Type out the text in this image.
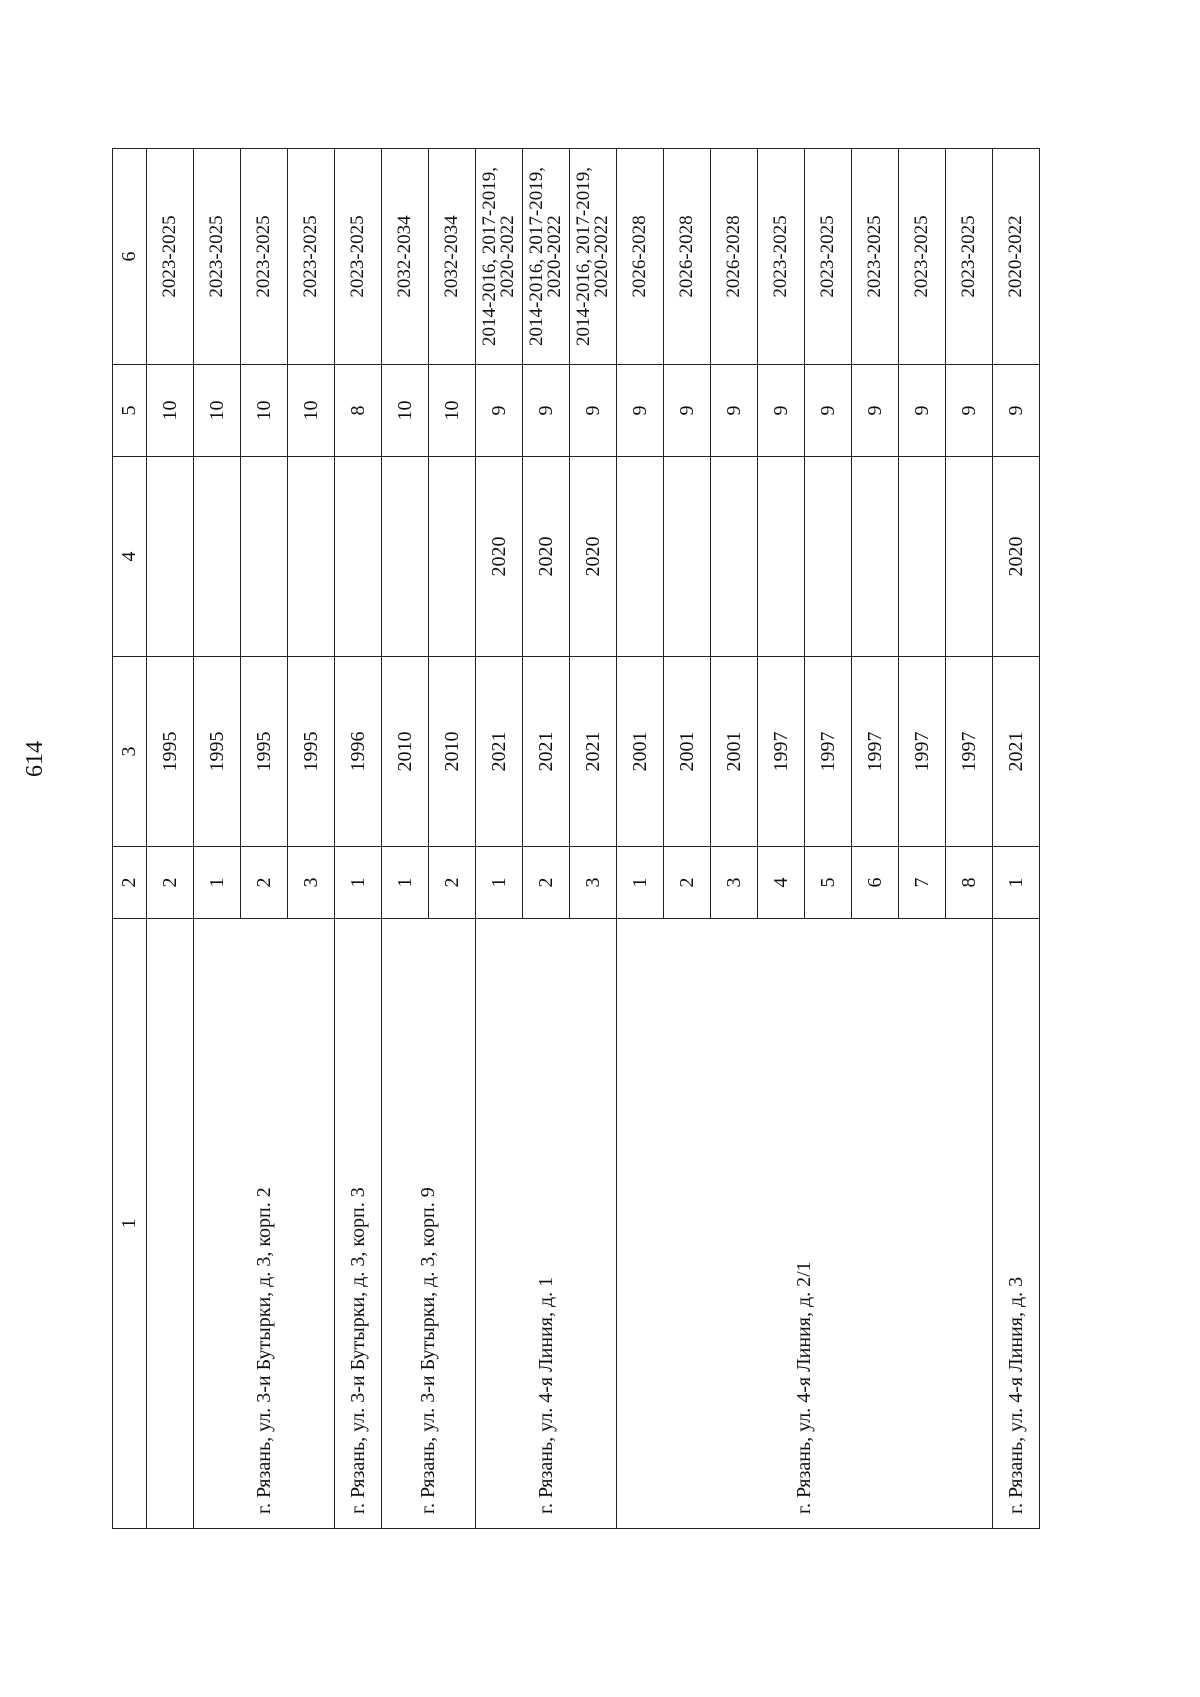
614
1	2	3	4	5	6
	2	1995		10	2023-2025

г. Рязань, ул. 3-и Бутырки, д. 3, корп. 2	1	1995		10	2023-2025

	2	1995		10	2023-2025

	3	1995		10	2023-2025

г. Рязань, ул. 3-и Бутырки, д. 3, корп. 3	1	1996		8	2023-2025

г. Рязань, ул. 3-и Бутырки, д. 3, корп. 9	1	2010		10	2032-2034

	2	2010		10	2032-2034

г. Рязань, ул. 4-я Линия, д. 1	1	2021	2020	9	2014-2016, 2017-2019,
2020-2022

	2	2021	2020	9	2014-2016, 2017-2019,
2020-2022

	3	2021	2020	9	2014-2016, 2017-2019,
2020-2022

г. Рязань, ул. 4-я Линия, д. 2/1	1	2001		9	2026-2028

	2	2001		9	2026-2028

	3	2001		9	2026-2028

	4	1997		9	2023-2025

	5	1997		9	2023-2025

	6	1997		9	2023-2025

	7	1997		9	2023-2025

	8	1997		9	2023-2025

г. Рязань, ул. 4-я Линия, д. 3	1	2021	2020	9	2020-2022
